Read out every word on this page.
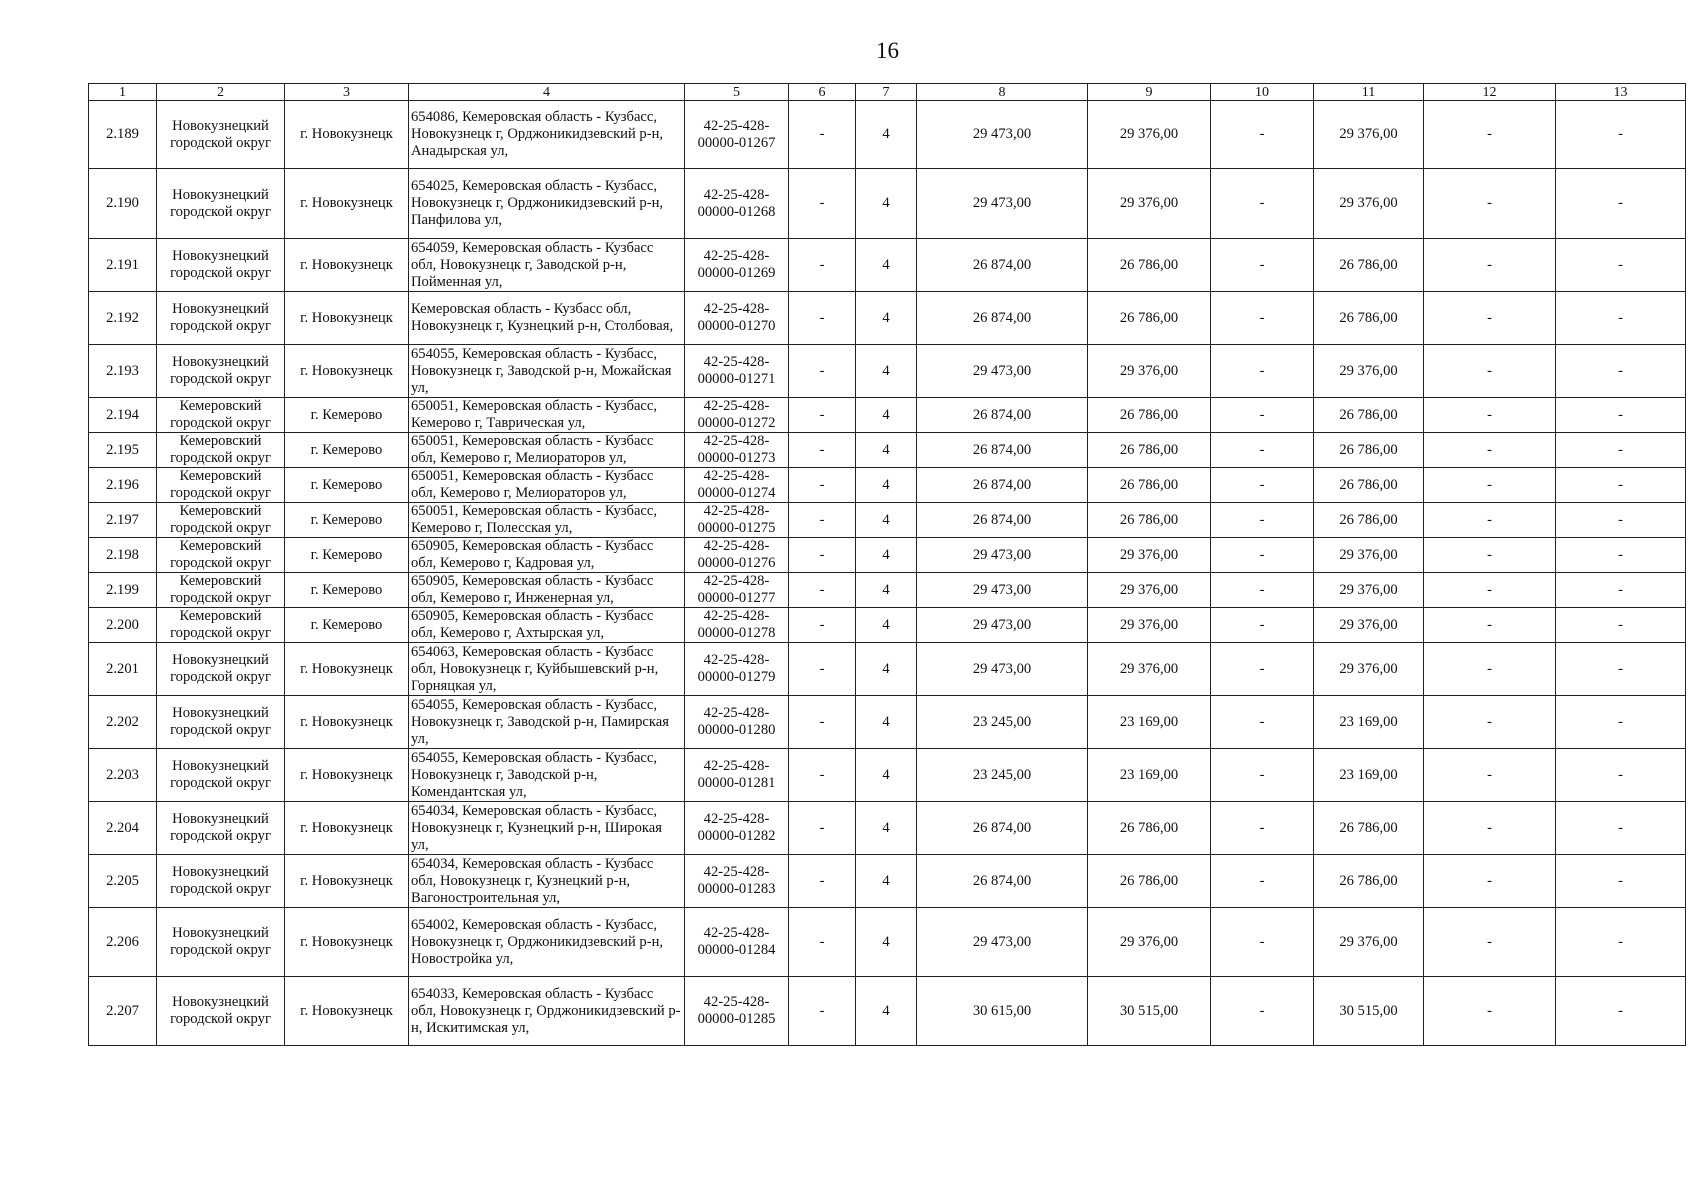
16
1	2	3	4	5	6	7	8	9	10	11	12	13
2.189	Новокузнецкий городской округ	г. Новокузнецк	654086, Кемеровская область - Кузбасс, Новокузнецк г, Орджоникидзевский р-н, Анадырская ул,	42-25-428-00000-01267	-	4	29 473,00	29 376,00	-	29 376,00	-	-
2.190	Новокузнецкий городской округ	г. Новокузнецк	654025, Кемеровская область - Кузбасс, Новокузнецк г, Орджоникидзевский р-н, Панфилова ул,	42-25-428-00000-01268	-	4	29 473,00	29 376,00	-	29 376,00	-	-
2.191	Новокузнецкий городской округ	г. Новокузнецк	654059, Кемеровская область - Кузбасс обл, Новокузнецк г, Заводской р-н, Пойменная ул,	42-25-428-00000-01269	-	4	26 874,00	26 786,00	-	26 786,00	-	-
2.192	Новокузнецкий городской округ	г. Новокузнецк	Кемеровская область - Кузбасс обл, Новокузнецк г, Кузнецкий р-н, Столбовая,	42-25-428-00000-01270	-	4	26 874,00	26 786,00	-	26 786,00	-	-
2.193	Новокузнецкий городской округ	г. Новокузнецк	654055, Кемеровская область - Кузбасс, Новокузнецк г, Заводской р-н, Можайская ул,	42-25-428-00000-01271	-	4	29 473,00	29 376,00	-	29 376,00	-	-
2.194	Кемеровский городской округ	г. Кемерово	650051, Кемеровская область - Кузбасс, Кемерово г, Таврическая ул,	42-25-428-00000-01272	-	4	26 874,00	26 786,00	-	26 786,00	-	-
2.195	Кемеровский городской округ	г. Кемерово	650051, Кемеровская область - Кузбасс обл, Кемерово г, Мелиораторов ул,	42-25-428-00000-01273	-	4	26 874,00	26 786,00	-	26 786,00	-	-
2.196	Кемеровский городской округ	г. Кемерово	650051, Кемеровская область - Кузбасс обл, Кемерово г, Мелиораторов ул,	42-25-428-00000-01274	-	4	26 874,00	26 786,00	-	26 786,00	-	-
2.197	Кемеровский городской округ	г. Кемерово	650051, Кемеровская область - Кузбасс, Кемерово г, Полесская ул,	42-25-428-00000-01275	-	4	26 874,00	26 786,00	-	26 786,00	-	-
2.198	Кемеровский городской округ	г. Кемерово	650905, Кемеровская область - Кузбасс обл, Кемерово г, Кадровая ул,	42-25-428-00000-01276	-	4	29 473,00	29 376,00	-	29 376,00	-	-
2.199	Кемеровский городской округ	г. Кемерово	650905, Кемеровская область - Кузбасс обл, Кемерово г, Инженерная ул,	42-25-428-00000-01277	-	4	29 473,00	29 376,00	-	29 376,00	-	-
2.200	Кемеровский городской округ	г. Кемерово	650905, Кемеровская область - Кузбасс обл, Кемерово г, Ахтырская ул,	42-25-428-00000-01278	-	4	29 473,00	29 376,00	-	29 376,00	-	-
2.201	Новокузнецкий городской округ	г. Новокузнецк	654063, Кемеровская область - Кузбасс обл, Новокузнецк г, Куйбышевский р-н, Горняцкая ул,	42-25-428-00000-01279	-	4	29 473,00	29 376,00	-	29 376,00	-	-
2.202	Новокузнецкий городской округ	г. Новокузнецк	654055, Кемеровская область - Кузбасс, Новокузнецк г, Заводской р-н, Памирская ул,	42-25-428-00000-01280	-	4	23 245,00	23 169,00	-	23 169,00	-	-
2.203	Новокузнецкий городской округ	г. Новокузнецк	654055, Кемеровская область - Кузбасс, Новокузнецк г, Заводской р-н, Комендантская ул,	42-25-428-00000-01281	-	4	23 245,00	23 169,00	-	23 169,00	-	-
2.204	Новокузнецкий городской округ	г. Новокузнецк	654034, Кемеровская область - Кузбасс, Новокузнецк г, Кузнецкий р-н, Широкая ул,	42-25-428-00000-01282	-	4	26 874,00	26 786,00	-	26 786,00	-	-
2.205	Новокузнецкий городской округ	г. Новокузнецк	654034, Кемеровская область - Кузбасс обл, Новокузнецк г, Кузнецкий р-н, Вагоностроительная ул,	42-25-428-00000-01283	-	4	26 874,00	26 786,00	-	26 786,00	-	-
2.206	Новокузнецкий городской округ	г. Новокузнецк	654002, Кемеровская область - Кузбасс, Новокузнецк г, Орджоникидзевский р-н, Новостройка ул,	42-25-428-00000-01284	-	4	29 473,00	29 376,00	-	29 376,00	-	-
2.207	Новокузнецкий городской округ	г. Новокузнецк	654033, Кемеровская область - Кузбасс обл, Новокузнецк г, Орджоникидзевский р-н, Искитимская ул,	42-25-428-00000-01285	-	4	30 615,00	30 515,00	-	30 515,00	-	-
